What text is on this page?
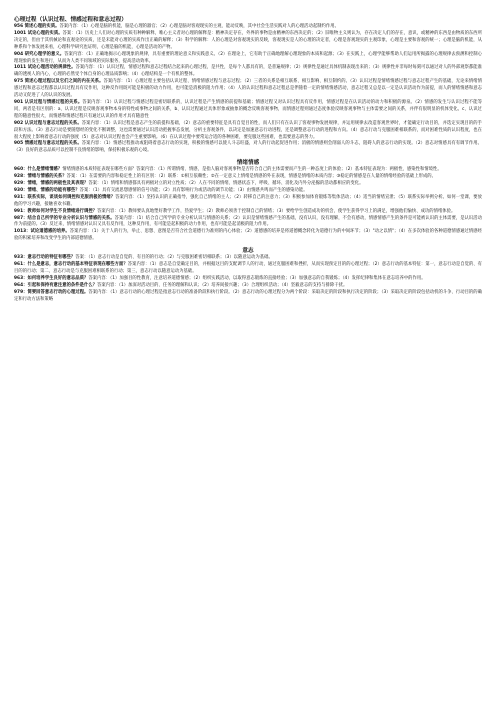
心理过程（认识过程、情感过程和意志过程）

956 简述心理的实质。答案内容：（1）心理是脑的机能，脑是心理的器官；（2）心理是脑对客观现实的主观、能动反映，其中社会生活实践对人的心理活动起制约作用。

1001 试论心理的实质。答案：（1）历史上人们对心理的实质有种种解释，唯心主义者对心理的解释是：精神决定存在，外界的事物是由精神的东西决定的；（2）旧唯物主义则认为，存在决定人们的存在，意识，或精神的东西是由物质的东西所决定的，但由于其机械论和直观论的实质，还是未能对心理的实质作出正确的解释；（3）科学的解释：人的心理是对客观现实的反映，客观现实是人的心理的决定者，心理是客观现实的主观印象，心理是主要和客观的统一；心理是脑的机能，从种系和个体发展来看，心理科学研究也证明，心理是脑的机能，心理是活动的产物。

904 研究心理学的意义。答案内容：（1）正确地揭示心理现象的规律，具有重要的理论意义和实践意义。（2）在理论上，它有助于正确地理解心理现象的本质和起源；（3）在实践上，心理学能够帮助人们运用所揭露的心理规律去预测和控制心理现象的发生和进行，从而为人类不同领域的实际服务，提高活动效率。

1011 试论心理活动的规律性。答案内容：（1）认识过程，情感过程和意志过程结合起来的心理过程，是共性，是每个人都具有的，是普遍规律；（2）规律性是通过具体机制表现出来的；（3）规律性并非每时每刻可以通过对人的外部观察都能准确的透视人的内心，心理的必然受个体自身的心理品质影响；（4）心理结构是一个有机的整体。

975 简述心理过程以及它们之间的内在关系。答案内容：（1）心理过程主要包括认识过程、情绪情感过程与意志过程；（2）三者的关系是相互联系、相互影响、相互制约的。（3）认识过程是情绪情感过程与意志过程产生的基础，无论来情绪情感过程和意志过程都以认识过程具有反作用，这种反作用既可能是积极的动力作用，也可能是消极的阻力作用；（4）人的认识过程和意志过程总是伴随着一定的情绪情感活动，意志过程又总是以一定是认识活动作为前提，而人的情绪情感和意志活动又促进了人的认识的发展。

901 认识过程与情感过程的关系。答案内容：（1）认识过程与情感过程是密切联系的，认识过程是产生情感的前提和基础；情感过程又对认识过程具有反作用，情感过程是在认识活动的动力和积极的源泉。（2）情感的发生与认识过程不能等同，两者是有区别的：a、认识过程是反映客观事物本身的特性或事物之间的关系，b、认识过程通过具体形象或抽象的概念反映客观事物，而情感过程则通过态度体验反映客观事物与主体需要之间的关系，并伴有很明显的机体变化。c、认识过程的随意性很大，而情感和情感过程只有通过认识的作用才具有随意性

902 认识过程与意志过程的关系。答案内容：（1）认识过程是意志产生的前提和基础，（2）意志的重要特征是具有自觉目的性，而人们只有在认识了客观事物发展规律，并运用规律去改造客观世界时，才能确定行动目的，并选定实现目的的手段和方法。（3）意志行动是要随想经的变化不断调整，这也需要通过认识活动把握事态发展，分析主客观条件，以决定是加速意志行动进程，还是调整意志行动的进程和方向。（4）意志行动与克服困难相联系的，而对困难性质的认识程度，也在很大程度上影响着意志行动的强度（5）意志对认识过程也会产生重要影响。（6）在认识过程中要常运合适的各种困难，要克服这些困难，也需要意志的努力。

905 情感过程与意志过程的关系。答案内容：（1）情感过程推动或阻碍着意志行动的实现，积极的情感可以使人斗志旺盛，对人的行动起促进作用；消极的情感则会削弱人的斗志，阻碍人的意志行动的实现。（2）意志对情感具有有调节作用。（3）良好的意志品质可以控制不良情绪的影响，保持积极乐观的心境。

情绪情感

960：什么是情绪情感？情绪情感的本质特征表现在哪些方面？答案内容：（1）所谓情绪、情感，是指人脑对客观事物是否符合自己的主体需要而产生的一种态度上的体验；（2）基本特征表现为：两极性、感染性和情境性。

928：情绪与情感的关系？答案：（1）在需要的内容和稳定性上的有区别：（2）联系：①相互依赖性；②在一定意义上情绪是情感的外在表现，情感是情绪的本质内容；③稳定的情感是在人量的情绪经验的基础上形成的。

929：情绪，情感的两极性及其表现？答案：（1）情绪和情感都具有两极对立的对立性质；（2）人在不同的情绪、情感状态下，呼吸、循环、消化及内外分泌腺的活动都相应的变化。

930：情绪、情感的动能有哪些？答案：（1）具有交流思想感情的信号功能；（2）具有影响行为或活动的调节功能；（3）由情感共鸣而产生的感染功能。

931：联系实际，谈谈如何调控和克服消极的情绪？答案内容：（1）坚持认识的正确指导，强化自己情绪的主人；（2）转移自己的注意力；（3）积极参加体育锻炼等集体活动；（4）适当的情绪宣泄；（5）联系实际举例分析。如何一堂课，要放他的学习兴趣，接触喜欢书籍。

991：教师如何对学生不良情绪进行调控？答案内容：（1）教师要认真地塑好教学工作，热爱学生；（2）教师必须善于控制自己的情绪；（3）要给学生创造成功的机会，使学生获得学习上的满足，增强他们愉快、成功的情绪体验。

987：结合自己所学的专业分析认识与情感的关系。答案内容：（1）结合自己所学的专业分析认识与情感的关系；（2）认识是情绪情感产生的基础，没有认识，没有理解，不会有感动，情感情感产生的条件是可能被认识的主体需要，是认识活动作为前提的。（3）反过来，情绪情感对认识又具有反作用，这种反作用，有可能是起积极的动力作用，也有可能是起消极的阻力作用。

1013：试论道德感的培养。答案内容：（1）关于人的行为，举止、思想、意图是否符合社会道德行为准则的内心体验；（2）道德感的培养是将道德概念转化为道德行为的中间环节；（3）"动之以情"；（4）在多次体验的各种道德情感通过情感经验的积累培养和改变学生的内部道德情感。

意志

933：意志行动的特征有哪些？答案：（1）意志行动是自觉的、有目的的行动；（2）与克服困难密切相联系；（3）以随意运动为基础。

961：什么是意志，意志行动的基本特征表现在哪些方面？答案内容：（1）意志是自觉确定目的，并根据这目的支配调节人的行动，通过克服困难和挫折，从而实现预定目的的心理过程；（2）意志行动的基本特征：第一，意志行动是自觉的、有目的的行动；第二，意志行动是与克服困难相联系的行动；第三，意志行动以随意运动为基础。

963：如何培养学生良好的意志品质？答案内容：（1）加强目的性教育，注意培养道德情感；（2）组织实践活动，以取得意志锻炼的直接经验；（3）加强意志的自我锻炼；（4）发挥纪律和集体在意志培养中的作用。

964：引起和保持有意注意的条件是什么？答案内容：（1）加深对活动目的、任务的理解和认识；（2）培养间接兴趣；（3）合理组织活动；（4）坚毅意志的支持与排除干扰。

979：简要回答意志行动的心理过程。答案内容：（1）意志行动的心理过程是指意志行动的准备阶段和执行阶段。（2）意志行动的心理过程分为两个阶段：采取决定的阶段和执行决定的阶段；（3）采取决定的阶段包括动机的斗争、行动目的的确定和行动方法和策略
